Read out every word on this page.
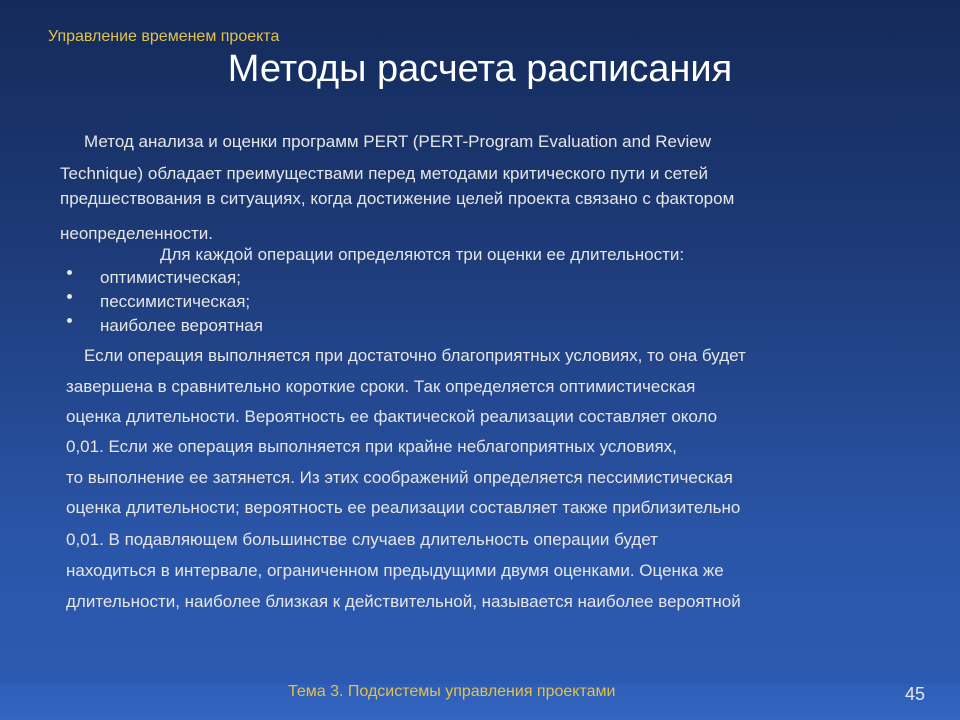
Управление временем проекта
Методы расчета расписания
Метод анализа и оценки программ PERT (PERT-Program Evaluation and Review
Technique) обладает преимуществами перед методами критического пути и сетей
предшествования в ситуациях, когда достижение целей проекта связано с фактором
неопределенности.
Для каждой операции определяются три оценки ее длительности:
оптимистическая;
пессимистическая;
наиболее вероятная
Если операция выполняется при достаточно благоприятных условиях, то она будет
завершена в сравнительно короткие сроки. Так определяется оптимистическая
оценка длительности. Вероятность ее фактической реализации составляет около
0,01. Если же операция выполняется при крайне неблагоприятных условиях,
то выполнение ее затянется. Из этих соображений определяется пессимистическая
оценка длительности; вероятность ее реализации составляет также приблизительно
0,01. В подавляющем большинстве случаев длительность операции будет
находиться в интервале, ограниченном предыдущими двумя оценками. Оценка же
длительности, наиболее близкая к действительной, называется наиболее вероятной
Тема 3. Подсистемы управления проектами	45
